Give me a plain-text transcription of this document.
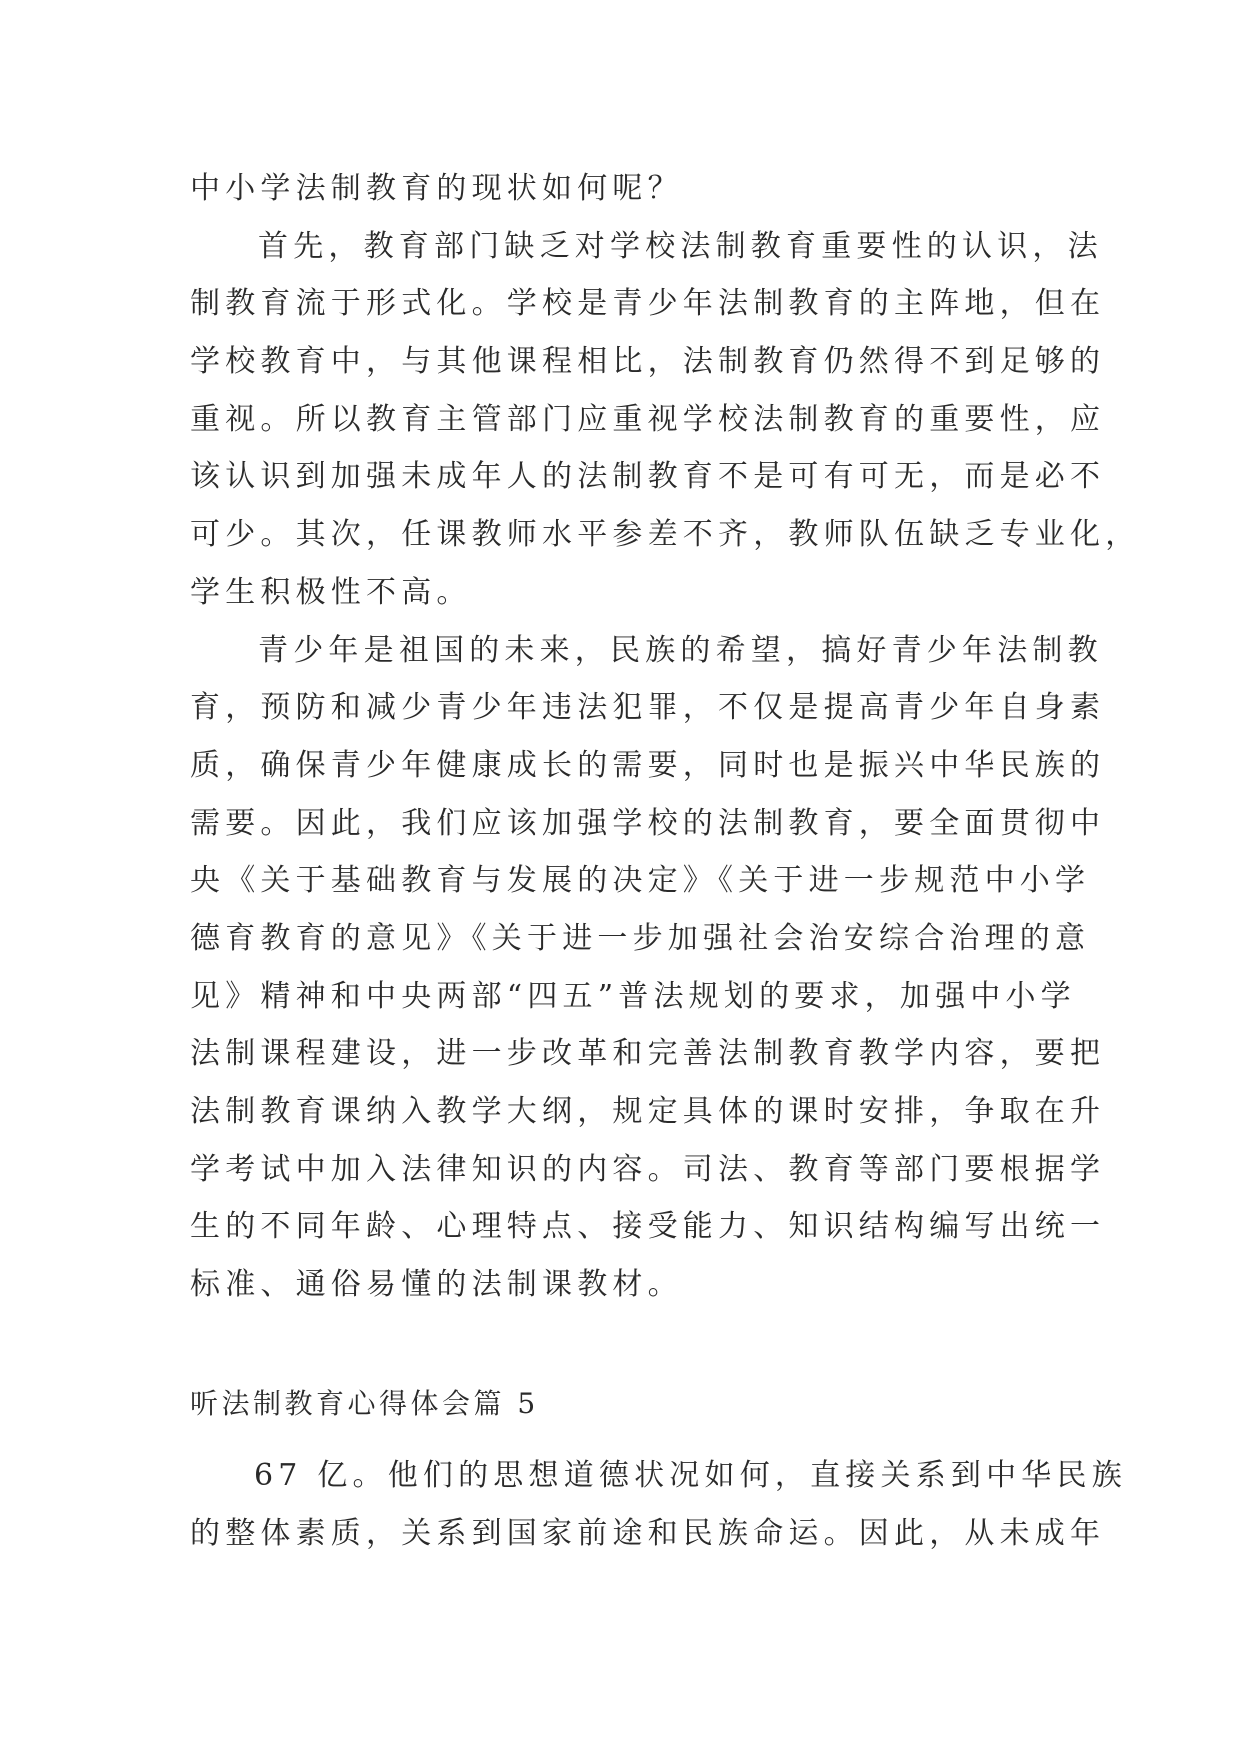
中小学法制教育的现状如何呢？

首先，教育部门缺乏对学校法制教育重要性的认识，法

制教育流于形式化。学校是青少年法制教育的主阵地，但在

学校教育中，与其他课程相比，法制教育仍然得不到足够的

重视。所以教育主管部门应重视学校法制教育的重要性，应

该认识到加强未成年人的法制教育不是可有可无，而是必不

可少。其次，任课教师水平参差不齐，教师队伍缺乏专业化，

学生积极性不高。

青少年是祖国的未来，民族的希望，搞好青少年法制教

育，预防和减少青少年违法犯罪，不仅是提高青少年自身素

质，确保青少年健康成长的需要，同时也是振兴中华民族的

需要。因此，我们应该加强学校的法制教育，要全面贯彻中

央《关于基础教育与发展的决定》《关于进一步规范中小学

德育教育的意见》《关于进一步加强社会治安综合治理的意

见》精神和中央两部“四五”普法规划的要求，加强中小学

法制课程建设，进一步改革和完善法制教育教学内容，要把

法制教育课纳入教学大纲，规定具体的课时安排，争取在升

学考试中加入法律知识的内容。司法、教育等部门要根据学

生的不同年龄、心理特点、接受能力、知识结构编写出统一

标准、通俗易懂的法制课教材。

听法制教育心得体会篇 5

67 亿。他们的思想道德状况如何，直接关系到中华民族

的整体素质，关系到国家前途和民族命运。因此，从未成年
